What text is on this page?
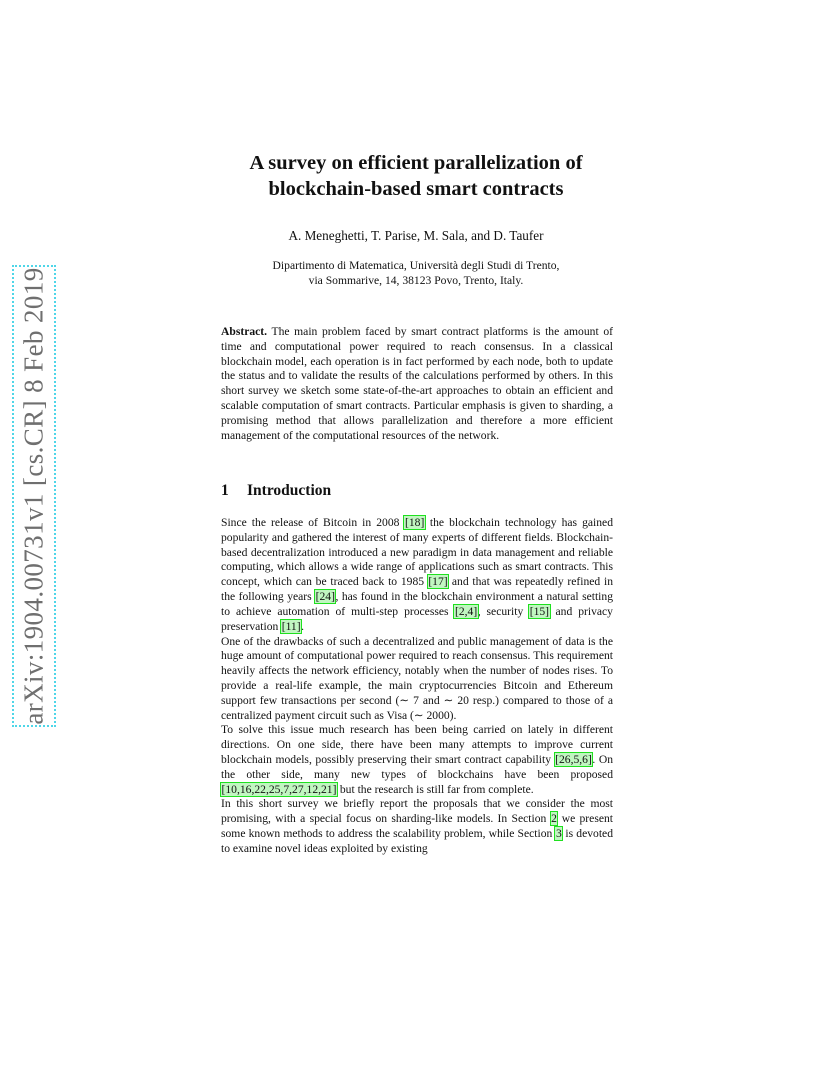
arXiv:1904.00731v1 [cs.CR] 8 Feb 2019
A survey on efficient parallelization of
blockchain-based smart contracts
A. Meneghetti, T. Parise, M. Sala, and D. Taufer
Dipartimento di Matematica, Università degli Studi di Trento,
via Sommarive, 14, 38123 Povo, Trento, Italy.
Abstract. The main problem faced by smart contract platforms is the amount of time and computational power required to reach consensus. In a classical blockchain model, each operation is in fact performed by each node, both to update the status and to validate the results of the calculations performed by others. In this short survey we sketch some state-of-the-art approaches to obtain an efficient and scalable computation of smart contracts. Particular emphasis is given to sharding, a promising method that allows parallelization and therefore a more efficient management of the computational resources of the network.
1 Introduction

Since the release of Bitcoin in 2008 [18] the blockchain technology has gained popularity and gathered the interest of many experts of different fields. Blockchain-based decentralization introduced a new paradigm in data management and reliable computing, which allows a wide range of applications such as smart contracts. This concept, which can be traced back to 1985 [17] and that was repeatedly refined in the following years [24], has found in the blockchain environment a natural setting to achieve automation of multi-step processes [2,4], security [15] and privacy preservation [11].

One of the drawbacks of such a decentralized and public management of data is the huge amount of computational power required to reach consensus. This requirement heavily affects the network efficiency, notably when the number of nodes rises. To provide a real-life example, the main cryptocurrencies Bitcoin and Ethereum support few transactions per second (∼ 7 and ∼ 20 resp.) compared to those of a centralized payment circuit such as Visa (∼ 2000).

To solve this issue much research has been being carried on lately in different directions. On one side, there have been many attempts to improve current blockchain models, possibly preserving their smart contract capability [26,5,6]. On the other side, many new types of blockchains have been proposed [10,16,22,25,7,27,12,21] but the research is still far from complete.

In this short survey we briefly report the proposals that we consider the most promising, with a special focus on sharding-like models. In Section 2 we present some known methods to address the scalability problem, while Section 3 is devoted to examine novel ideas exploited by existing
